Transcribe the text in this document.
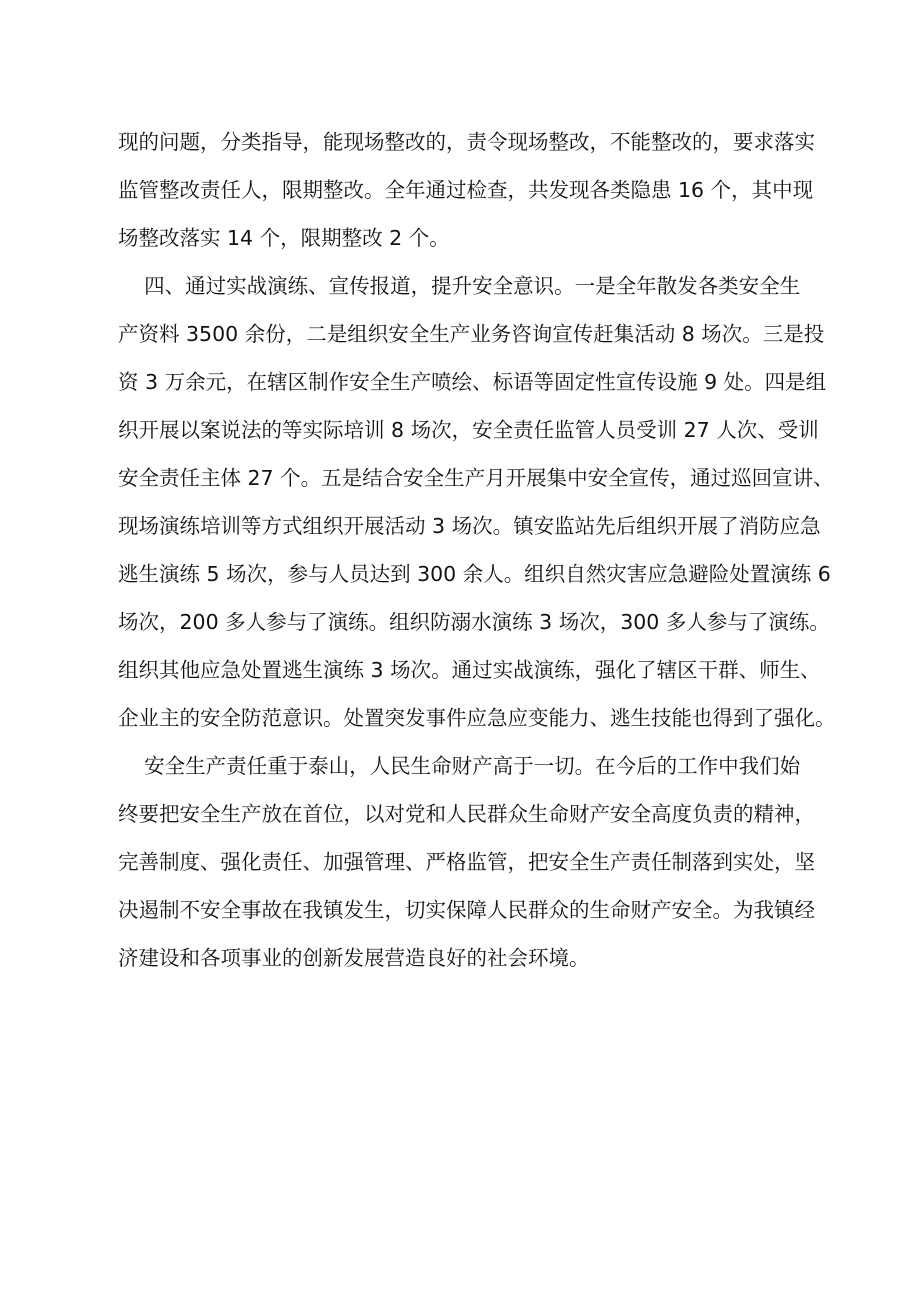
现的问题，分类指导，能现场整改的，责令现场整改，不能整改的，要求落实
监管整改责任人，限期整改。全年通过检查，共发现各类隐患 16 个，其中现
场整改落实 14 个，限期整改 2 个。
四、通过实战演练、宣传报道，提升安全意识。一是全年散发各类安全生
产资料 3500 余份，二是组织安全生产业务咨询宣传赶集活动 8 场次。三是投
资 3 万余元，在辖区制作安全生产喷绘、标语等固定性宣传设施 9 处。四是组
织开展以案说法的等实际培训 8 场次，安全责任监管人员受训 27 人次、受训
安全责任主体 27 个。五是结合安全生产月开展集中安全宣传，通过巡回宣讲、
现场演练培训等方式组织开展活动 3 场次。镇安监站先后组织开展了消防应急
逃生演练 5 场次，参与人员达到 300 余人。组织自然灾害应急避险处置演练 6
场次，200 多人参与了演练。组织防溺水演练 3 场次，300 多人参与了演练。
组织其他应急处置逃生演练 3 场次。通过实战演练，强化了辖区干群、师生、
企业主的安全防范意识。处置突发事件应急应变能力、逃生技能也得到了强化。
安全生产责任重于泰山，人民生命财产高于一切。在今后的工作中我们始
终要把安全生产放在首位，以对党和人民群众生命财产安全高度负责的精神，
完善制度、强化责任、加强管理、严格监管，把安全生产责任制落到实处，坚
决遏制不安全事故在我镇发生，切实保障人民群众的生命财产安全。为我镇经
济建设和各项事业的创新发展营造良好的社会环境。
